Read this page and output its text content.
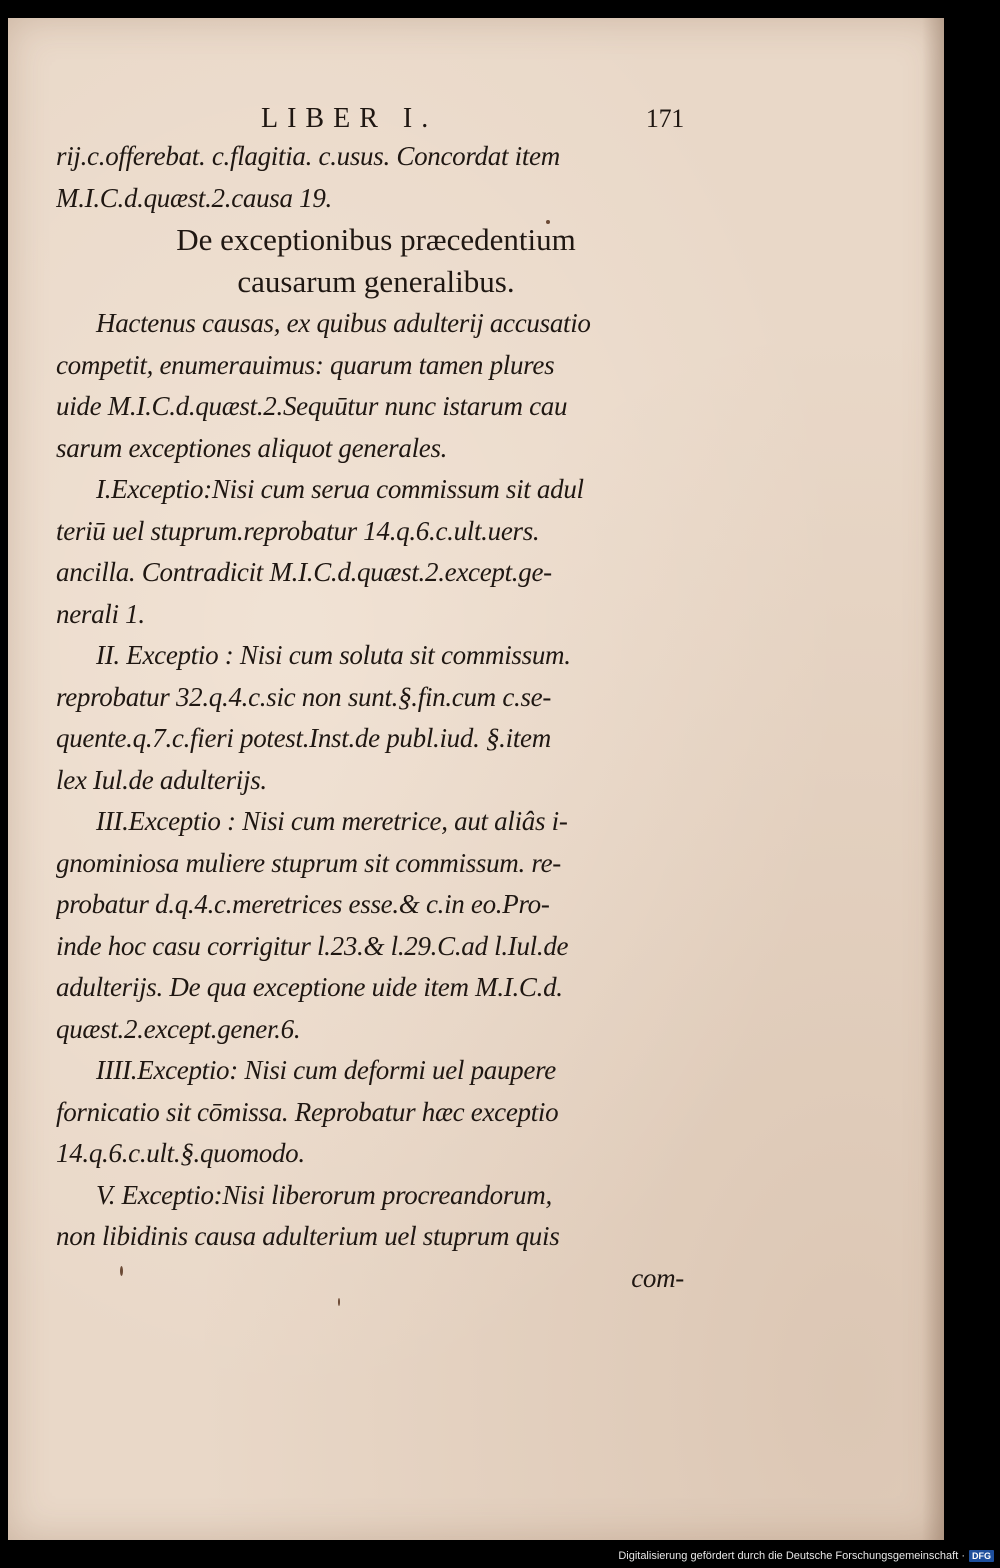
LIBER I.	171
rij.c.offerebat. c.flagitia. c.usus. Concordat item
M.I.C.d.quæst.2.causa 19.
De exceptionibus præcedentium
causarum generalibus.
Hactenus causas, ex quibus adulterij accusatio
competit, enumerauimus: quarum tamen plures
uide M.I.C.d.quæst.2.Sequūtur nunc istarum cau
sarum exceptiones aliquot generales.
I.Exceptio:Nisi cum serua commissum sit adul
teriū uel stuprum.reprobatur 14.q.6.c.ult.uers.
ancilla. Contradicit M.I.C.d.quæst.2.except.ge-
nerali 1.
II. Exceptio : Nisi cum soluta sit commissum.
reprobatur 32.q.4.c.sic non sunt.§.fin.cum c.se-
quente.q.7.c.fieri potest.Inst.de publ.iud. §.item
lex Iul.de adulterijs.
III.Exceptio : Nisi cum meretrice, aut aliâs i-
gnominiosa muliere stuprum sit commissum. re-
probatur d.q.4.c.meretrices esse.& c.in eo.Pro-
inde hoc casu corrigitur l.23.& l.29.C.ad l.Iul.de
adulterijs. De qua exceptione uide item M.I.C.d.
quæst.2.except.gener.6.
IIII.Exceptio: Nisi cum deformi uel paupere
fornicatio sit cōmissa. Reprobatur hæc exceptio
14.q.6.c.ult.§.quomodo.
V. Exceptio:Nisi liberorum procreandorum,
non libidinis causa adulterium uel stuprum quis
com-
Digitalisierung gefördert durch die Deutsche Forschungsgemeinschaft · DFG
